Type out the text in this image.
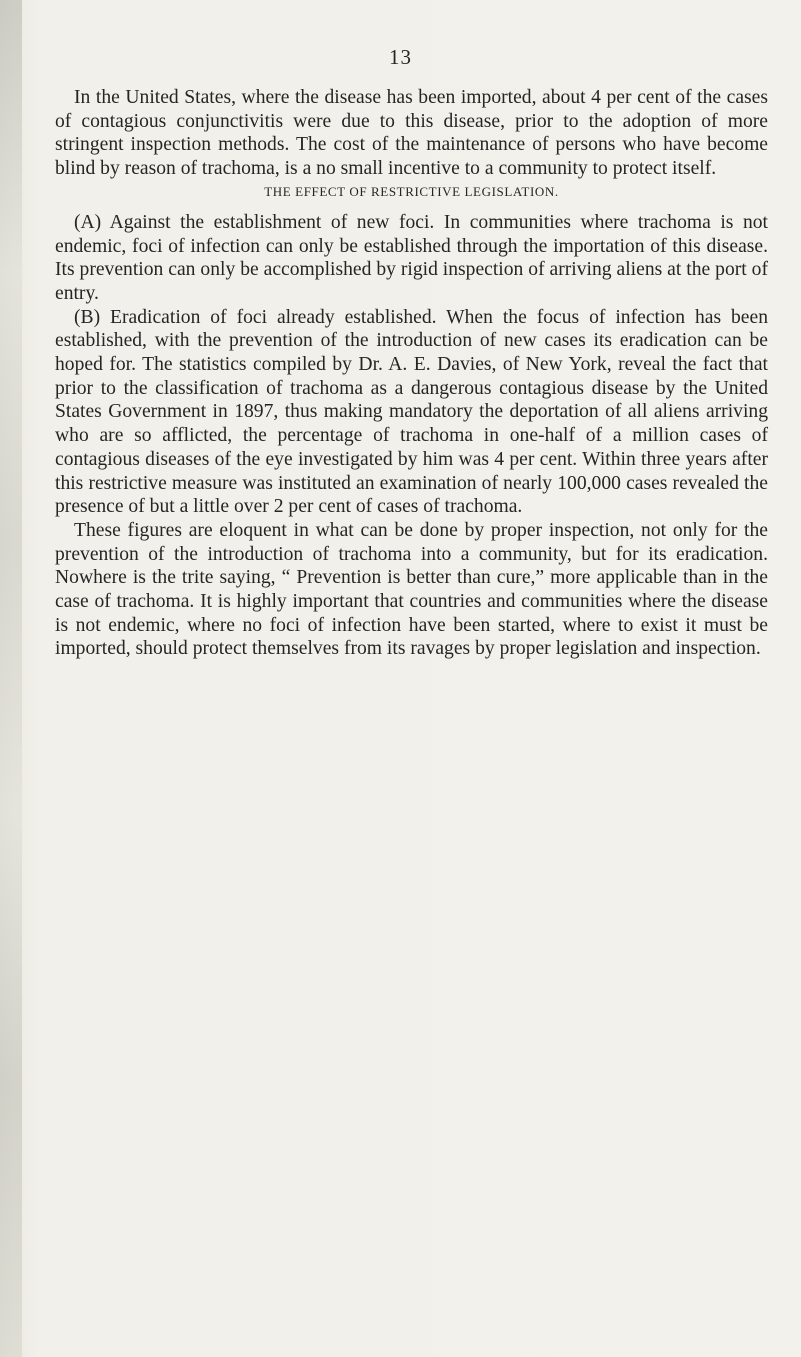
13

In the United States, where the disease has been imported, about 4 per cent of the cases of contagious conjunctivitis were due to this disease, prior to the adoption of more stringent inspection methods. The cost of the maintenance of persons who have become blind by reason of trachoma, is a no small incentive to a community to protect itself.

THE EFFECT OF RESTRICTIVE LEGISLATION.

(A) Against the establishment of new foci. In communities where trachoma is not endemic, foci of infection can only be established through the importation of this disease. Its prevention can only be accomplished by rigid inspection of arriving aliens at the port of entry.

(B) Eradication of foci already established. When the focus of infection has been established, with the prevention of the introduction of new cases its eradication can be hoped for. The statistics compiled by Dr. A. E. Davies, of New York, reveal the fact that prior to the classification of trachoma as a dangerous contagious disease by the United States Government in 1897, thus making mandatory the deportation of all aliens arriving who are so afflicted, the percentage of trachoma in one-half of a million cases of contagious diseases of the eye investigated by him was 4 per cent. Within three years after this restrictive measure was instituted an examination of nearly 100,000 cases revealed the presence of but a little over 2 per cent of cases of trachoma.

These figures are eloquent in what can be done by proper inspection, not only for the prevention of the introduction of trachoma into a community, but for its eradication. Nowhere is the trite saying, “ Prevention is better than cure,” more applicable than in the case of trachoma. It is highly important that countries and communities where the disease is not endemic, where no foci of infection have been started, where to exist it must be imported, should protect themselves from its ravages by proper legislation and inspection.
